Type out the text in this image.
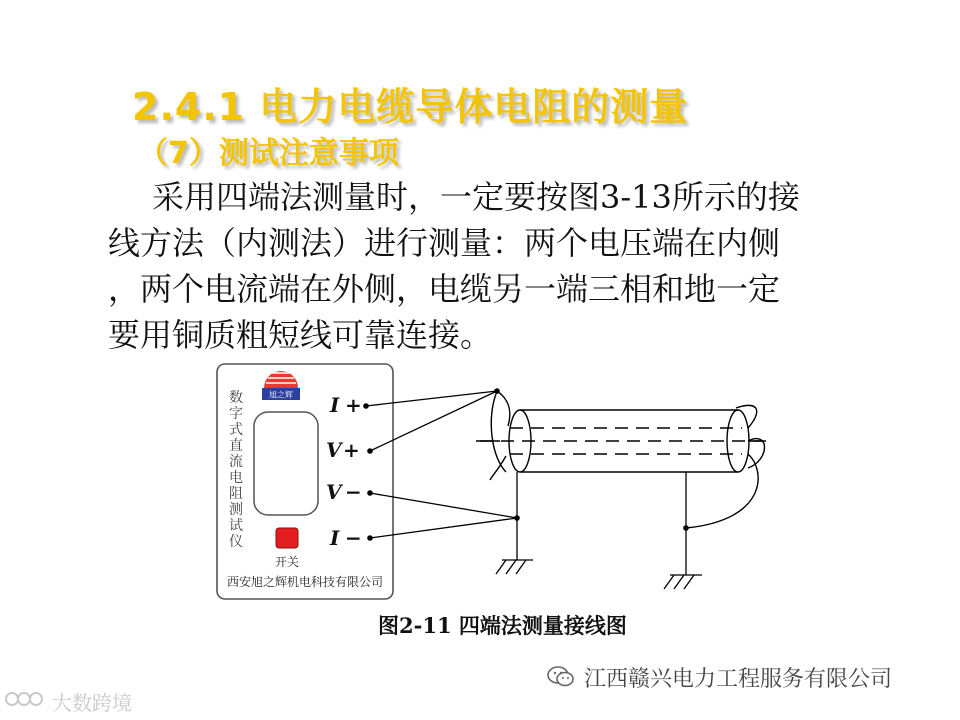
2.4.1 电力电缆导体电阻的测量
（7）测试注意事项
采用四端法测量时，一定要按图3-13所示的接
线方法（内测法）进行测量：两个电压端在内侧
，两个电流端在外侧，电缆另一端三相和地一定
要用铜质粗短线可靠连接。
旭之辉
数
字
式
直
流
电
阻
测
试
仪
开关
西安旭之辉机电科技有限公司
I +
V +
V −
I −
图2-11 四端法测量接线图
江西赣兴电力工程服务有限公司
大数跨境
